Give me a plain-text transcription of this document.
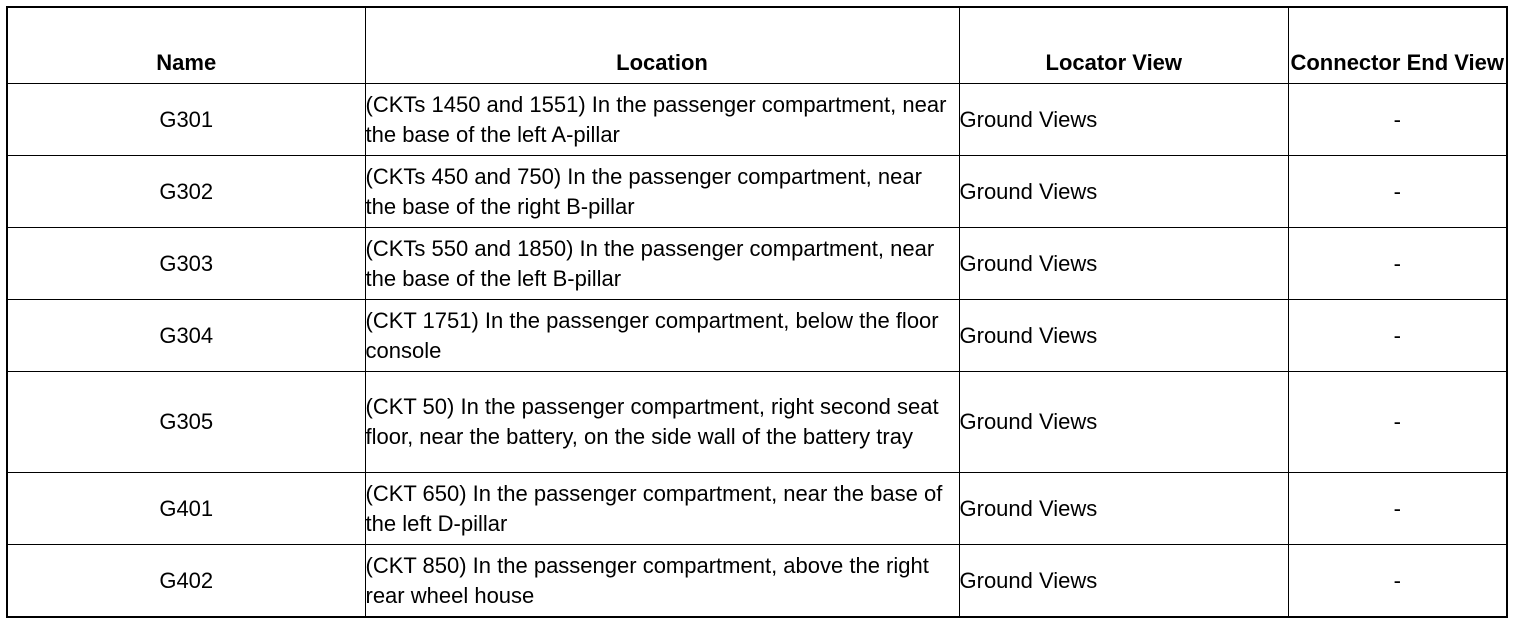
Name	Location	Locator View	Connector End View
G301	(CKTs 1450 and 1551) In the passenger compartment, near the base of the left A-pillar	Ground Views	-
G302	(CKTs 450 and 750) In the passenger compartment, near the base of the right B-pillar	Ground Views	-
G303	(CKTs 550 and 1850) In the passenger compartment, near the base of the left B-pillar	Ground Views	-
G304	(CKT 1751) In the passenger compartment, below the floor console	Ground Views	-
G305	(CKT 50) In the passenger compartment, right second seat floor, near the battery, on the side wall of the battery tray	Ground Views	-
G401	(CKT 650) In the passenger compartment, near the base of the left D-pillar	Ground Views	-
G402	(CKT 850) In the passenger compartment, above the right rear wheel house	Ground Views	-
